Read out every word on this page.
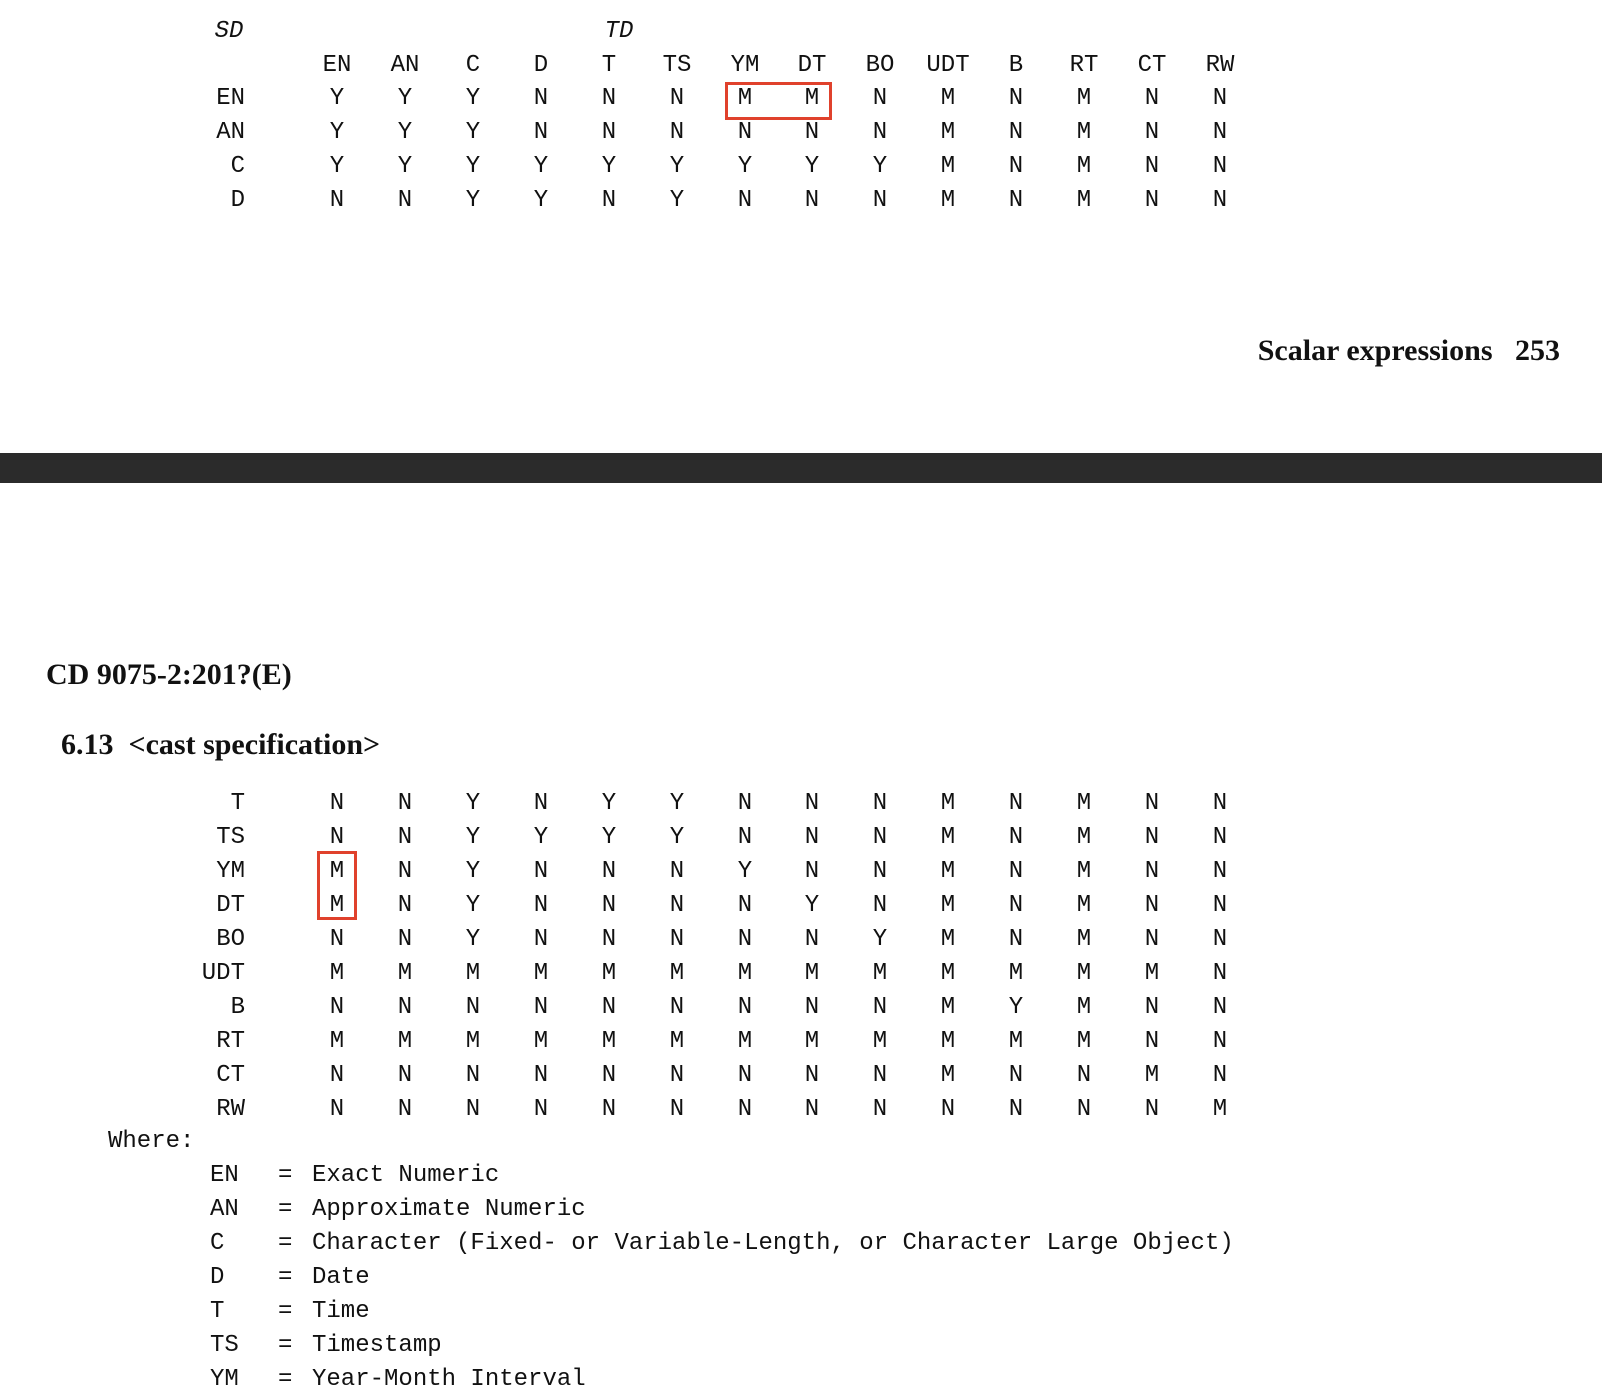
SD	TD
EN	AN	C	D	T	TS	YM	DT	BO	UDT	B	RT	CT	RW
EN	Y	Y	Y	N	N	N	M	M	N	M	N	M	N	N
AN	Y	Y	Y	N	N	N	N	N	N	M	N	M	N	N
C	Y	Y	Y	Y	Y	Y	Y	Y	Y	M	N	M	N	N
D	N	N	Y	Y	N	Y	N	N	N	M	N	M	N	N

Scalar expressions 253

CD 9075-2:201?(E)

6.13 <cast specification>

T	N	N	Y	N	Y	Y	N	N	N	M	N	M	N	N
TS	N	N	Y	Y	Y	Y	N	N	N	M	N	M	N	N
YM	M	N	Y	N	N	N	Y	N	N	M	N	M	N	N
DT	M	N	Y	N	N	N	N	Y	N	M	N	M	N	N
BO	N	N	Y	N	N	N	N	N	Y	M	N	M	N	N
UDT	M	M	M	M	M	M	M	M	M	M	M	M	M	N
B	N	N	N	N	N	N	N	N	N	M	Y	M	N	N
RT	M	M	M	M	M	M	M	M	M	M	M	M	N	N
CT	N	N	N	N	N	N	N	N	N	M	N	N	M	N
RW	N	N	N	N	N	N	N	N	N	N	N	N	N	M
Where:
EN = Exact Numeric
AN = Approximate Numeric
C = Character (Fixed- or Variable-Length, or Character Large Object)
D = Date
T = Time
TS = Timestamp
YM = Year-Month Interval
